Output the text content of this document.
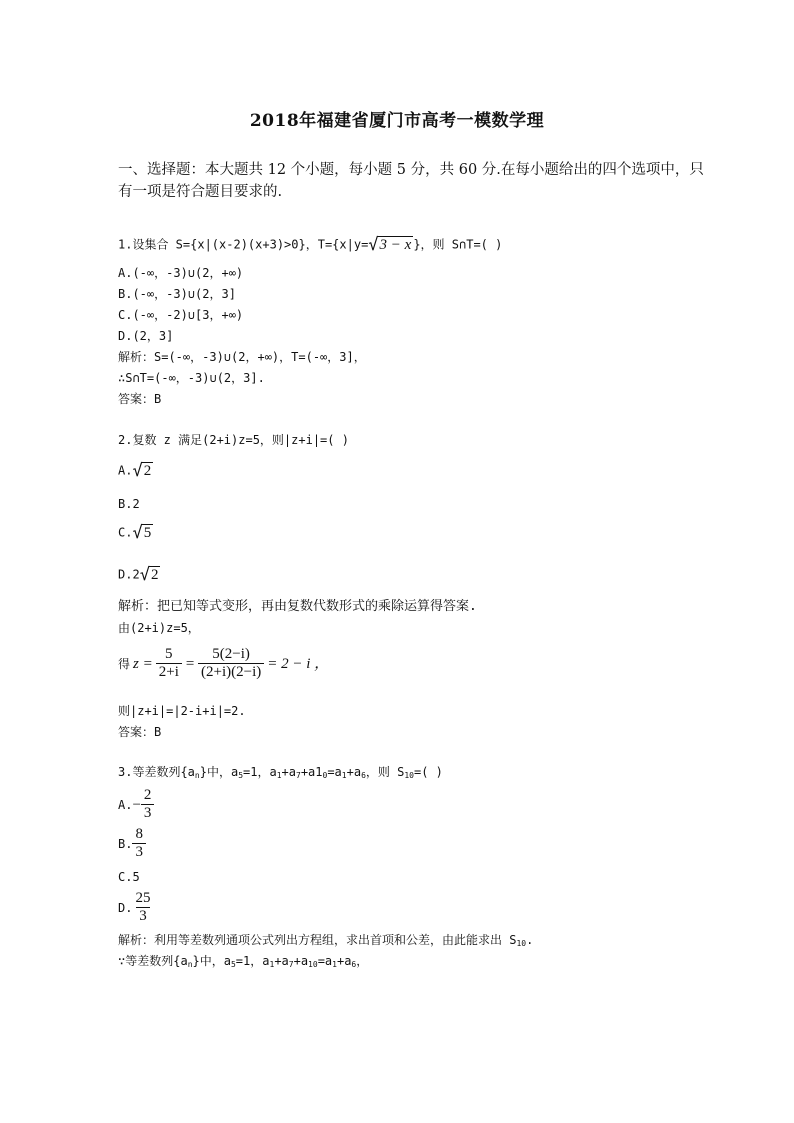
2018年福建省厦门市高考一模数学理
一、选择题：本大题共 12 个小题，每小题 5 分，共 60 分.在每小题给出的四个选项中，只
有一项是符合题目要求的.
1.设集合 S={x|(x-2)(x+3)>0}，T={x|y= √ 3 − x }，则 S∩T=( )
A.(-∞，-3)∪(2，+∞)
B.(-∞，-3)∪(2，3]
C.(-∞，-2)∪[3，+∞)
D.(2，3]
解析：S=(-∞，-3)∪(2，+∞)，T=(-∞，3]，
∴S∩T=(-∞，-3)∪(2，3].
答案：B
2.复数 z 满足(2+i)z=5，则|z+i|=( )
A. √ 2
B.2
C. √ 5
D.2 √ 2
解析：把已知等式变形，再由复数代数形式的乘除运算得答案.
由(2+i)z=5，
得 $z = \frac{5}{2+i} = \frac{5(2-i)}{(2+i)(2-i)} = 2 - i$ ，
则|z+i|=|2-i+i|=2.
答案：B
3.等差数列$\{a_n\}$中，$a_5=1$，$a_1+a_7+a1_0=a_1+a_6$，则 $S_{10}=$( )
A. − $\frac{2}{3}$
B. $\frac{8}{3}$
C.5
D. $\frac{25}{3}$
解析：利用等差数列通项公式列出方程组，求出首项和公差，由此能求出 $S_{10}$.
∵等差数列$\{a_n\}$中，$a_5=1$，$a_1+a_7+a_{10}=a_1+a_6$，
